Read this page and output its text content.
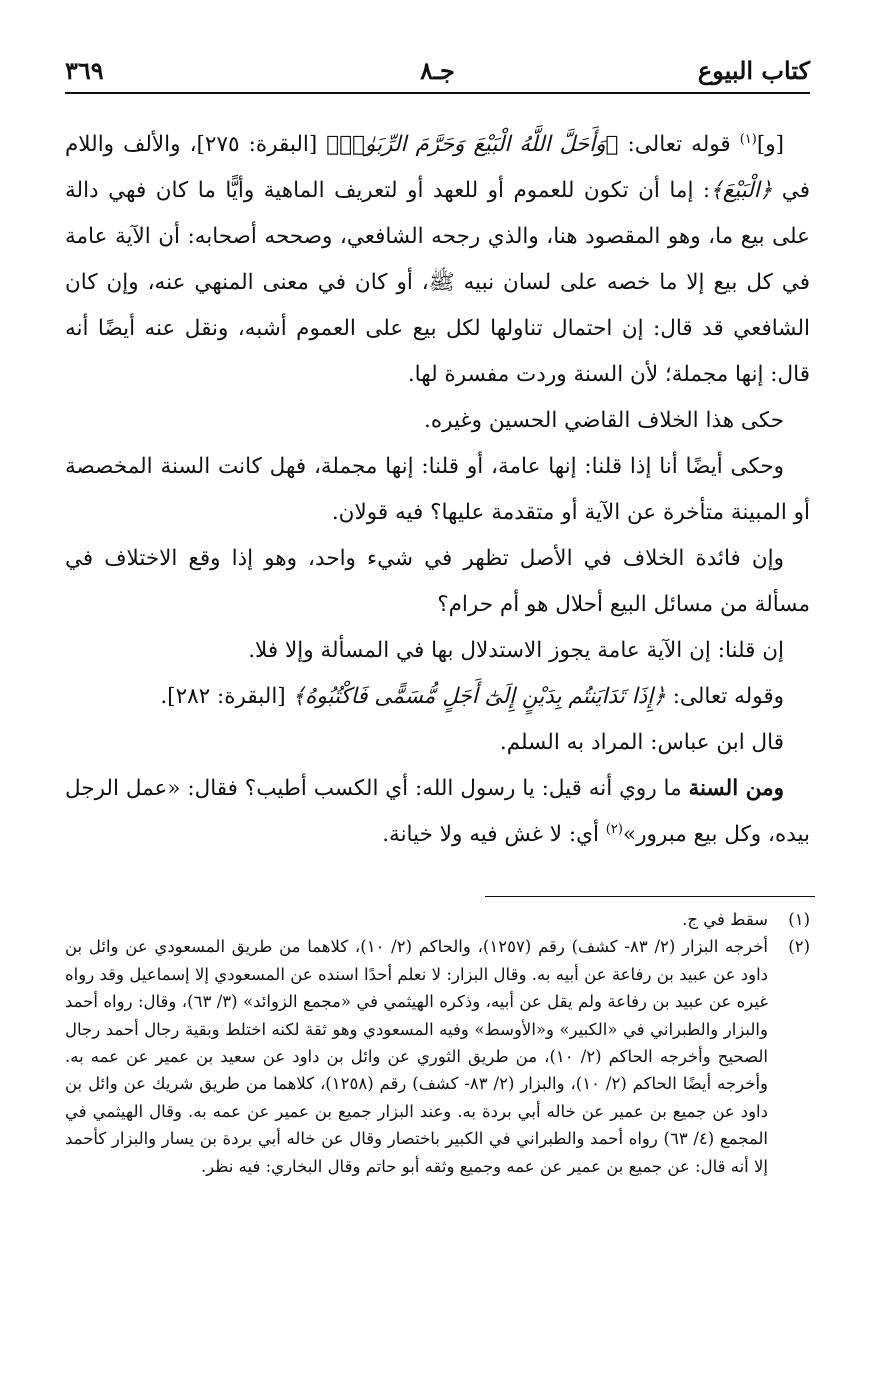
كتاب البيوع
جـ٨
٣٦٩

[و]$^{(١)}$ قوله تعالى: ﴿وَأَحَلَّ اللَّهُ الْبَيْعَ وَحَرَّمَ الرِّبَوٰا۟﴾ [البقرة: ٢٧٥]، والألف واللام في ﴿الْبَيْعَ﴾: إما أن تكون للعموم أو للعهد أو لتعريف الماهية وأيًّا ما كان فهي دالة على بيع ما، وهو المقصود هنا، والذي رجحه الشافعي، وصححه أصحابه: أن الآية عامة في كل بيع إلا ما خصه على لسان نبيه ﷺ، أو كان في معنى المنهي عنه، وإن كان الشافعي قد قال: إن احتمال تناولها لكل بيع على العموم أشبه، ونقل عنه أيضًا أنه قال: إنها مجملة؛ لأن السنة وردت مفسرة لها.

حكى هذا الخلاف القاضي الحسين وغيره.

وحكى أيضًا أنا إذا قلنا: إنها عامة، أو قلنا: إنها مجملة، فهل كانت السنة المخصصة أو المبينة متأخرة عن الآية أو متقدمة عليها؟ فيه قولان.

وإن فائدة الخلاف في الأصل تظهر في شيء واحد، وهو إذا وقع الاختلاف في مسألة من مسائل البيع أحلال هو أم حرام؟

إن قلنا: إن الآية عامة يجوز الاستدلال بها في المسألة وإلا فلا.

وقوله تعالى: ﴿إِذَا تَدَايَنتُم بِدَيْنٍ إِلَىٰٓ أَجَلٍ مُّسَمًّى فَاكْتُبُوهُ﴾ [البقرة: ٢٨٢].

قال ابن عباس: المراد به السلم.

ومن السنة ما روي أنه قيل: يا رسول الله: أي الكسب أطيب؟ فقال: «عمل الرجل بيده، وكل بيع مبرور»$^{(٢)}$ أي: لا غش فيه ولا خيانة.

(١)
سقط في ج.
(٢)
أخرجه البزار (٢/ ٨٣- كشف) رقم (١٢٥٧)، والحاكم (٢/ ١٠)، كلاهما من طريق المسعودي عن وائل بن داود عن عبيد بن رفاعة عن أبيه به. وقال البزار: لا نعلم أحدًا اسنده عن المسعودي إلا إسماعيل وقد رواه غيره عن عبيد بن رفاعة ولم يقل عن أبيه، وذكره الهيثمي في «مجمع الزوائد» (٣/ ٦٣)، وقال: رواه أحمد والبزار والطبراني في «الكبير» و«الأوسط» وفيه المسعودي وهو ثقة لكنه اختلط وبقية رجال أحمد رجال الصحيح وأخرجه الحاكم (٢/ ١٠)، من طريق الثوري عن وائل بن داود عن سعيد بن عمير عن عمه به. وأخرجه أيضًا الحاكم (٢/ ١٠)، والبزار (٢/ ٨٣- كشف) رقم (١٢٥٨)، كلاهما من طريق شريك عن وائل بن داود عن جميع بن عمير عن خاله أبي بردة به. وعند البزار جميع بن عمير عن عمه به. وقال الهيثمي في المجمع (٤/ ٦٣) رواه أحمد والطبراني في الكبير باختصار وقال عن خاله أبي بردة بن يسار والبزار كأحمد إلا أنه قال: عن جميع بن عمير عن عمه وجميع وثقه أبو حاتم وقال البخاري: فيه نظر.
